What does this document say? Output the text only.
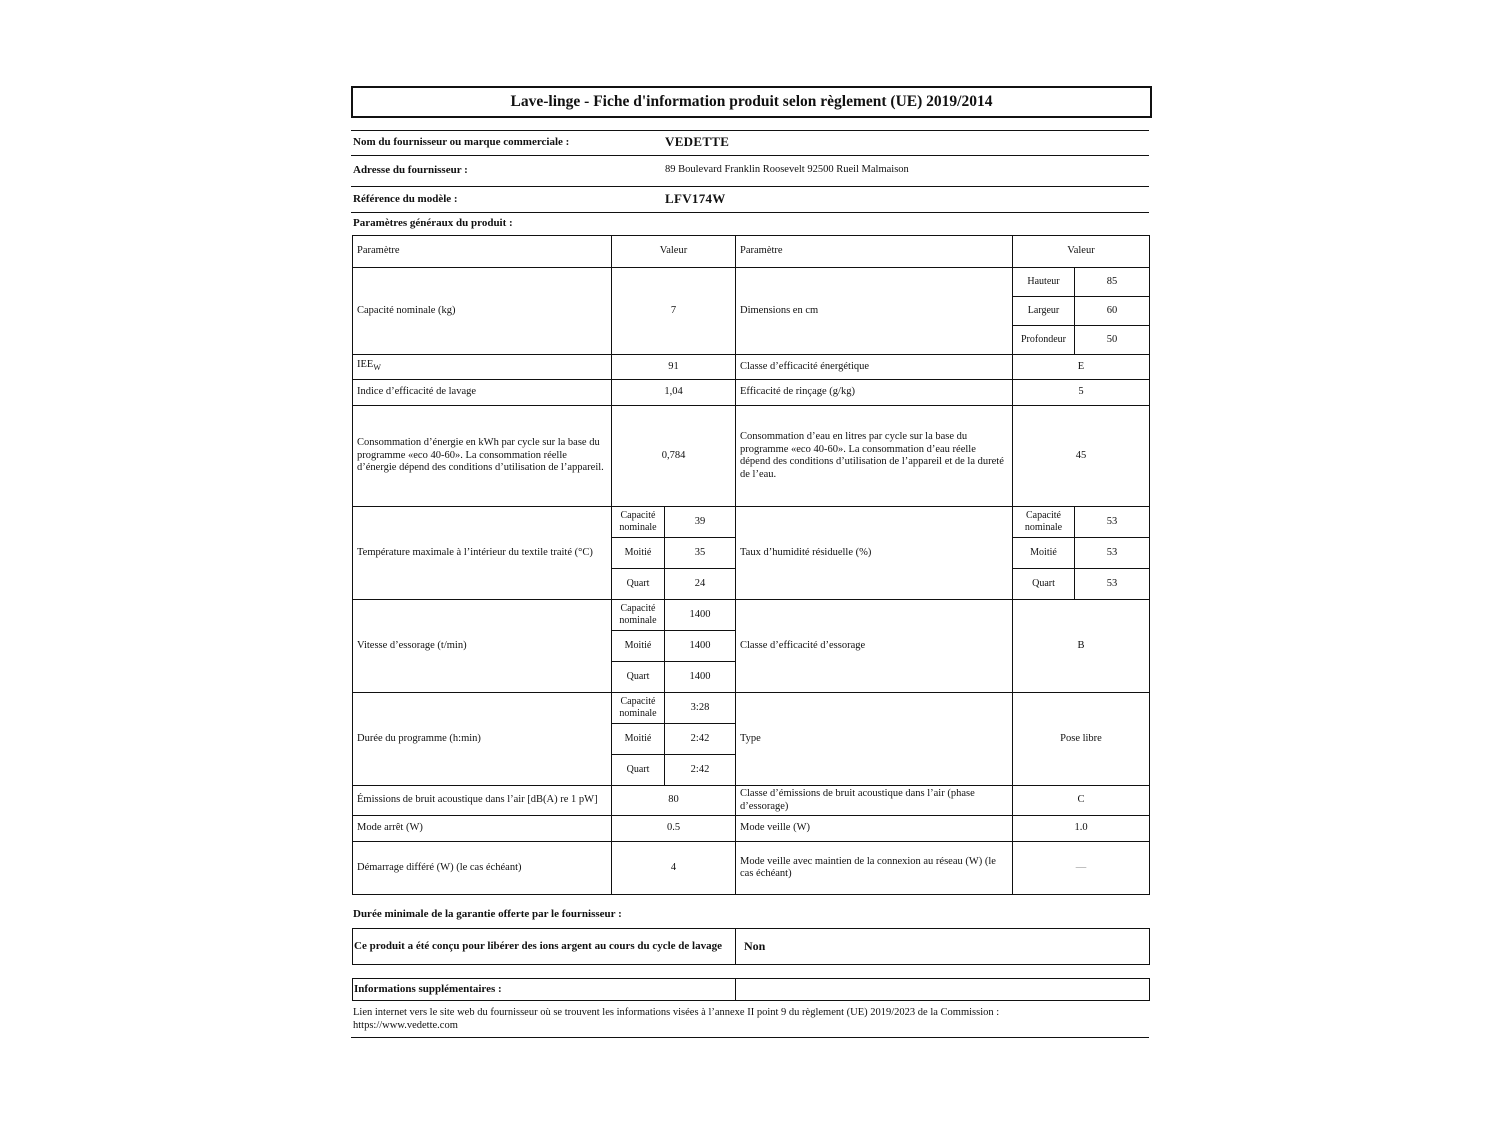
Lave-linge - Fiche d'information produit selon règlement (UE) 2019/2014
Nom du fournisseur ou marque commerciale :	VEDETTE
Adresse du fournisseur :	89 Boulevard Franklin Roosevelt 92500 Rueil Malmaison
Référence du modèle :	LFV174W
Paramètres généraux du produit :
Paramètre	Valeur		Paramètre	Valeur	
Capacité nominale (kg)	7		Dimensions en cm	Hauteur	85
				Largeur	60
				Profondeur	50
$IEE_W$	91		Classe d’efficacité énergétique	E	
Indice d’efficacité de lavage	1,04		Efficacité de rinçage (g/kg)	5	
Consommation d’énergie en kWh par cycle sur la base du programme «eco 40-60». La consommation réelle d’énergie dépend des conditions d’utilisation de l’appareil.	0,784		Consommation d’eau en litres par cycle sur la base du programme «eco 40-60». La consommation d’eau réelle dépend des conditions d’utilisation de l’appareil et de la dureté de l’eau.	45	
Température maximale à l’intérieur du textile traité (°C)	Capacité nominale	39	Taux d’humidité résiduelle (%)	Capacité nominale	53
	Moitié	35		Moitié	53
	Quart	24		Quart	53
Vitesse d’essorage (t/min)	Capacité nominale	1400	Classe d’efficacité d’essorage	B	
	Moitié	1400			
	Quart	1400			
Durée du programme (h:min)	Capacité nominale	3:28	Type	Pose libre	
	Moitié	2:42			
	Quart	2:42			
Émissions de bruit acoustique dans l’air [dB(A) re 1 pW]	80		Classe d’émissions de bruit acoustique dans l’air (phase d’essorage)	C	
Mode arrêt (W)	0.5		Mode veille (W)	1.0	
Démarrage différé (W) (le cas échéant)	4		Mode veille avec maintien de la connexion au réseau (W) (le cas échéant)	—	
Durée minimale de la garantie offerte par le fournisseur :
Ce produit a été conçu pour libérer des ions argent au cours du cycle de lavage	Non
Informations supplémentaires :	
Lien internet vers le site web du fournisseur où se trouvent les informations visées à l’annexe II point 9 du règlement (UE) 2019/2023 de la Commission :
https://www.vedette.com
